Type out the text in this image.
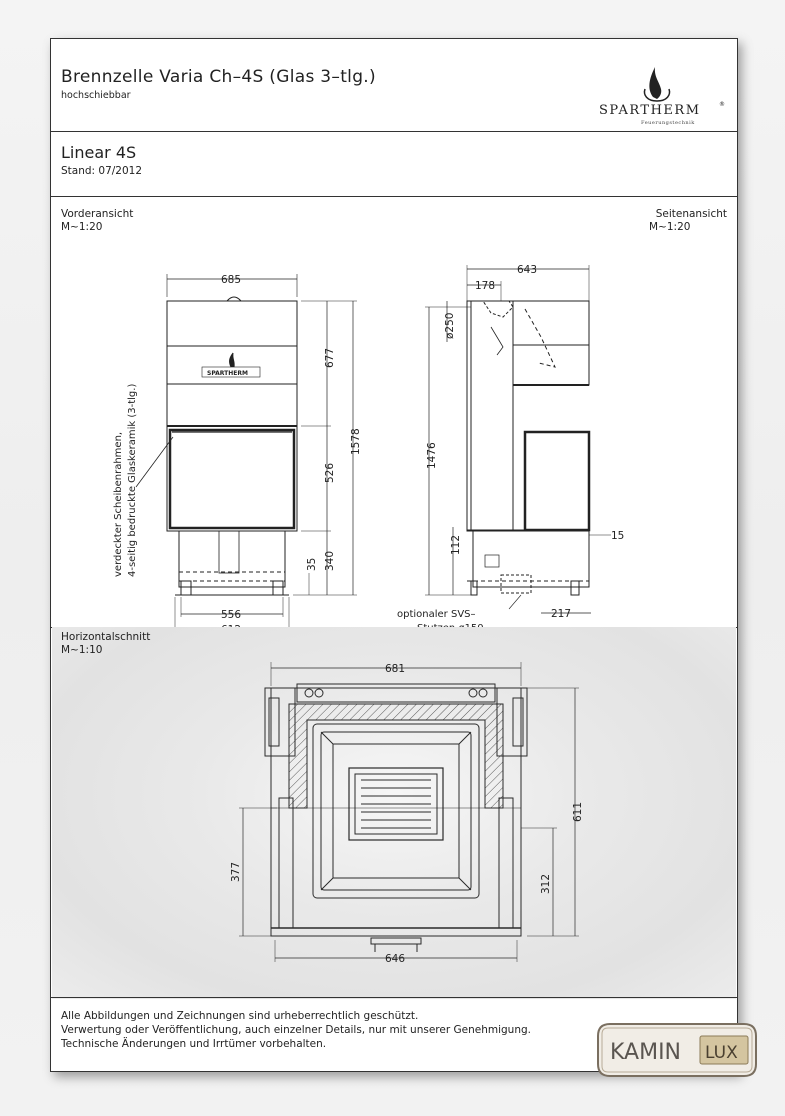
Brennzelle Varia Ch–4S (Glas 3–tlg.)
hochschiebbar
SPARTHERM	®
Feuerungstechnik
Linear 4S
Stand: 07/2012
Vorderansicht
M~1:20
Seitenansicht
M~1:20
685
677
1578
526
340
35
556
verdeckter Scheibenrahmen, 4-seitig bedruckte Glaskeramik (3-tlg.)
SPARTHERM
643
178
ø250
1476
112	15
217
optionaler SVS–
Horizontalschnitt
M~1:10
681
611
377
312
646
Alle Abbildungen und Zeichnungen sind urheberrechtlich geschützt.
Verwertung oder Veröffentlichung, auch einzelner Details, nur mit unserer Genehmigung.
Technische Änderungen und Irrtümer vorbehalten.	KAMIN LUX
